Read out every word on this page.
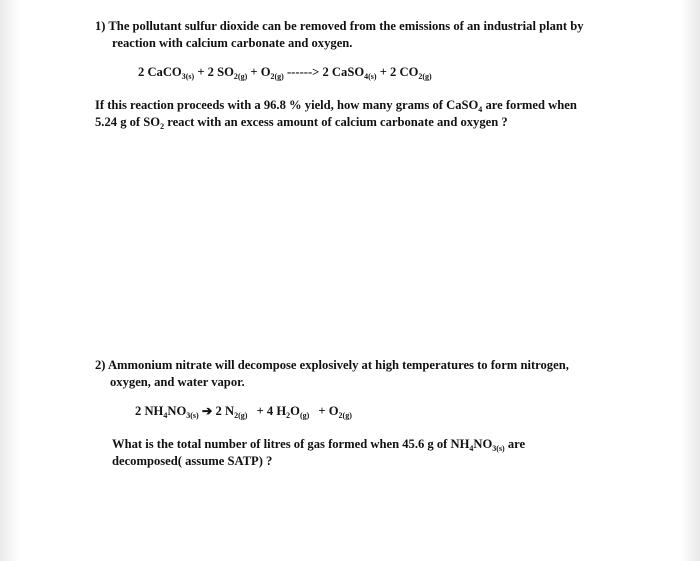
1) The pollutant sulfur dioxide can be removed from the emissions of an industrial plant by
reaction with calcium carbonate and oxygen.
2 CaCO$_{3(s)}$ + 2 $SO_{2(g)} + O_{2(g)}$ ------> 2 CaSO$_{4(s)}$ + 2 $CO_{2(g)}$
If this reaction proceeds with a 96.8 % yield, how many grams of CaSO$_4$ are formed when
5.24 g of $SO_2$ react with an excess amount of calcium carbonate and oxygen ?
2) Ammonium nitrate will decompose explosively at high temperatures to form nitrogen,
oxygen, and water vapor.
2 $NH_4NO_{3(s)}$ ➔ 2 $N_{2(g)} + 4$ $H_2O_{(g)} + O_{2(g)}$
What is the total number of litres of gas formed when 45.6 g of $NH_4NO_{3(s)}$ are
decomposed( assume SATP) ?
